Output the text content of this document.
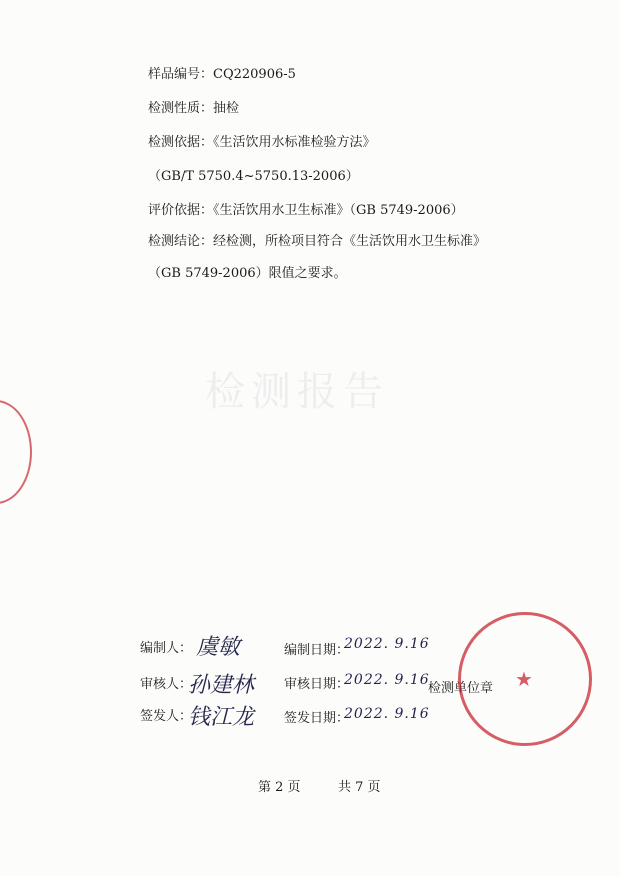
检测报告
样品编号：CQ220906-5
检测性质：抽检
检测依据：《生活饮用水标准检验方法》
（GB/T 5750.4~5750.13-2006）
评价依据：《生活饮用水卫生标准》（GB 5749-2006）
检测结论：经检测，所检项目符合《生活饮用水卫生标准》
（GB 5749-2006）限值之要求。
编制人： 虞敏	编制日期：
2022. 9.16
审核人：
孙建林 审核日期：
2022. 9.16
检测单位章
签发人：
钱江龙 签发日期：
2022. 9.16
★
第 2 页	共 7 页
